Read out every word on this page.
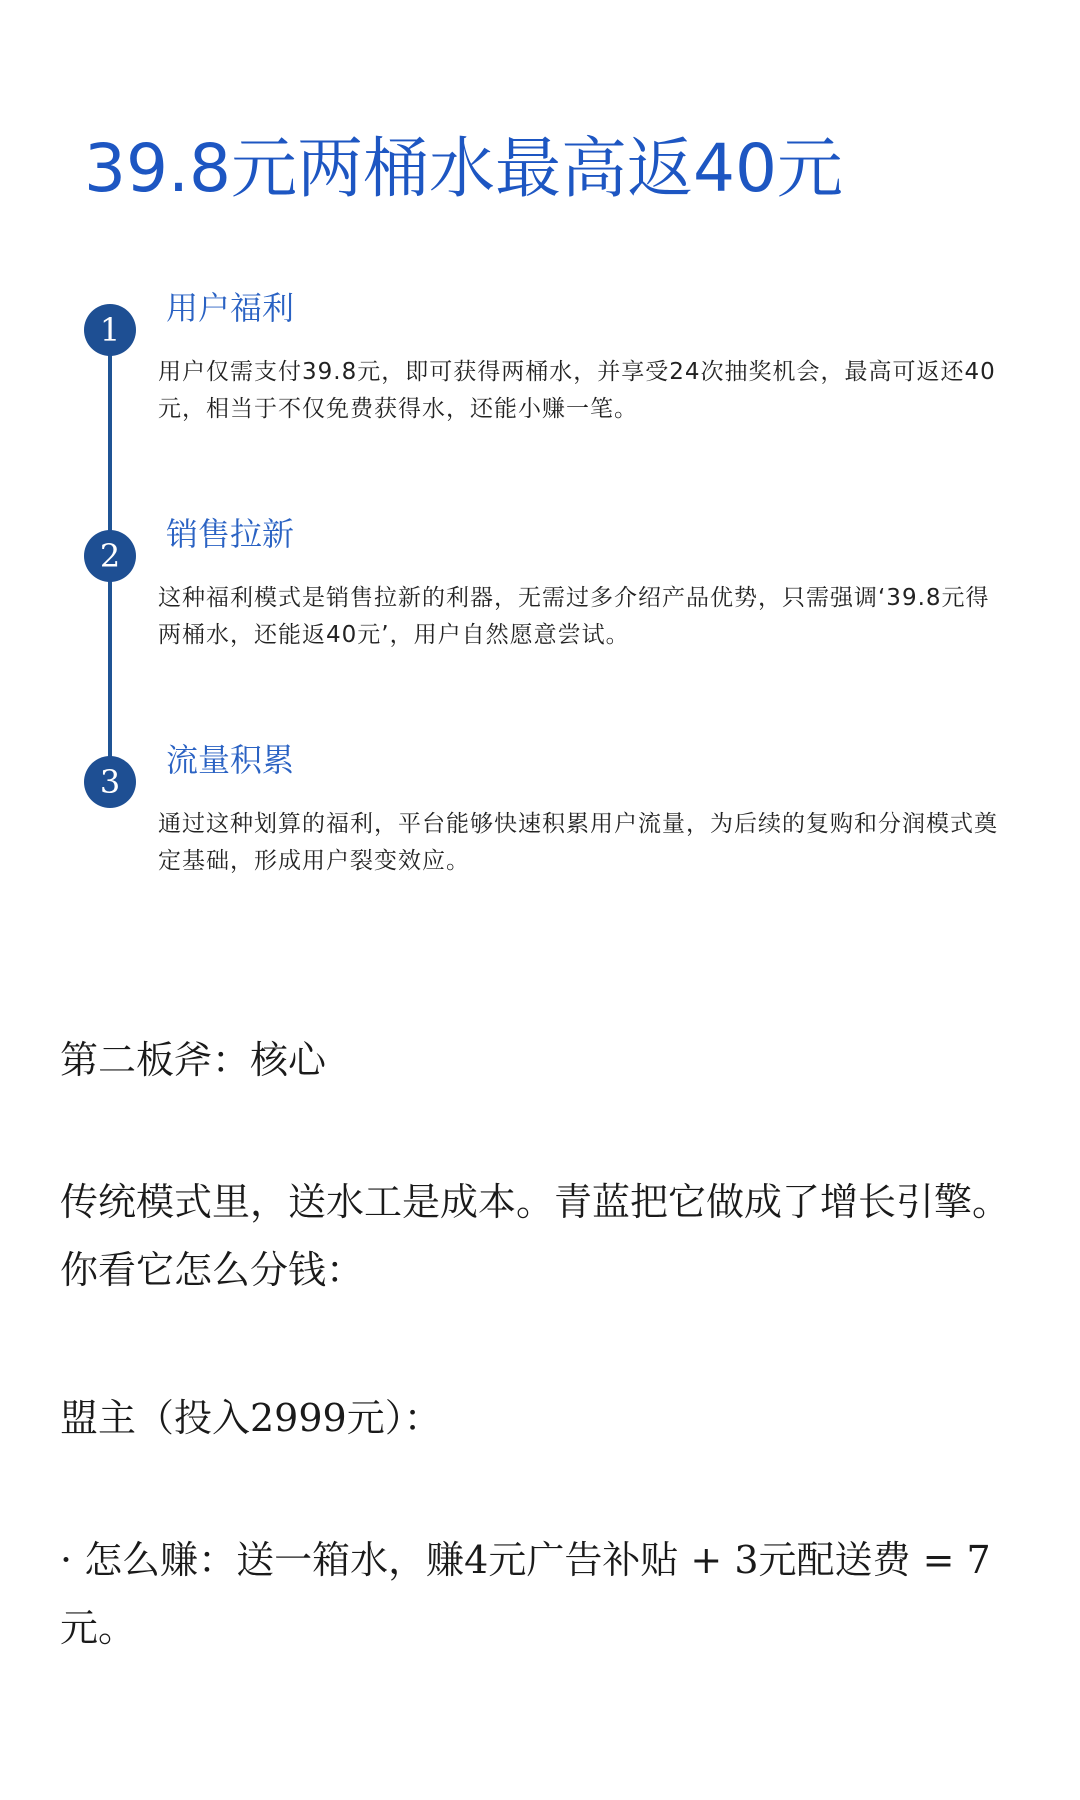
39.8元两桶水最高返40元
1
用户福利

用户仅需支付39.8元，即可获得两桶水，并享受24次抽奖机会，最高可返还40元，相当于不仅免费获得水，还能小赚一笔。

2
销售拉新

这种福利模式是销售拉新的利器，无需过多介绍产品优势，只需强调‘39.8元得两桶水，还能返40元’，用户自然愿意尝试。

3
流量积累

通过这种划算的福利，平台能够快速积累用户流量，为后续的复购和分润模式奠定基础，形成用户裂变效应。

第二板斧：核心

传统模式里，送水工是成本。青蓝把它做成了增长引擎。你看它怎么分钱：

盟主（投入2999元）：

· 怎么赚：送一箱水，赚4元广告补贴 + 3元配送费 = 7元。
